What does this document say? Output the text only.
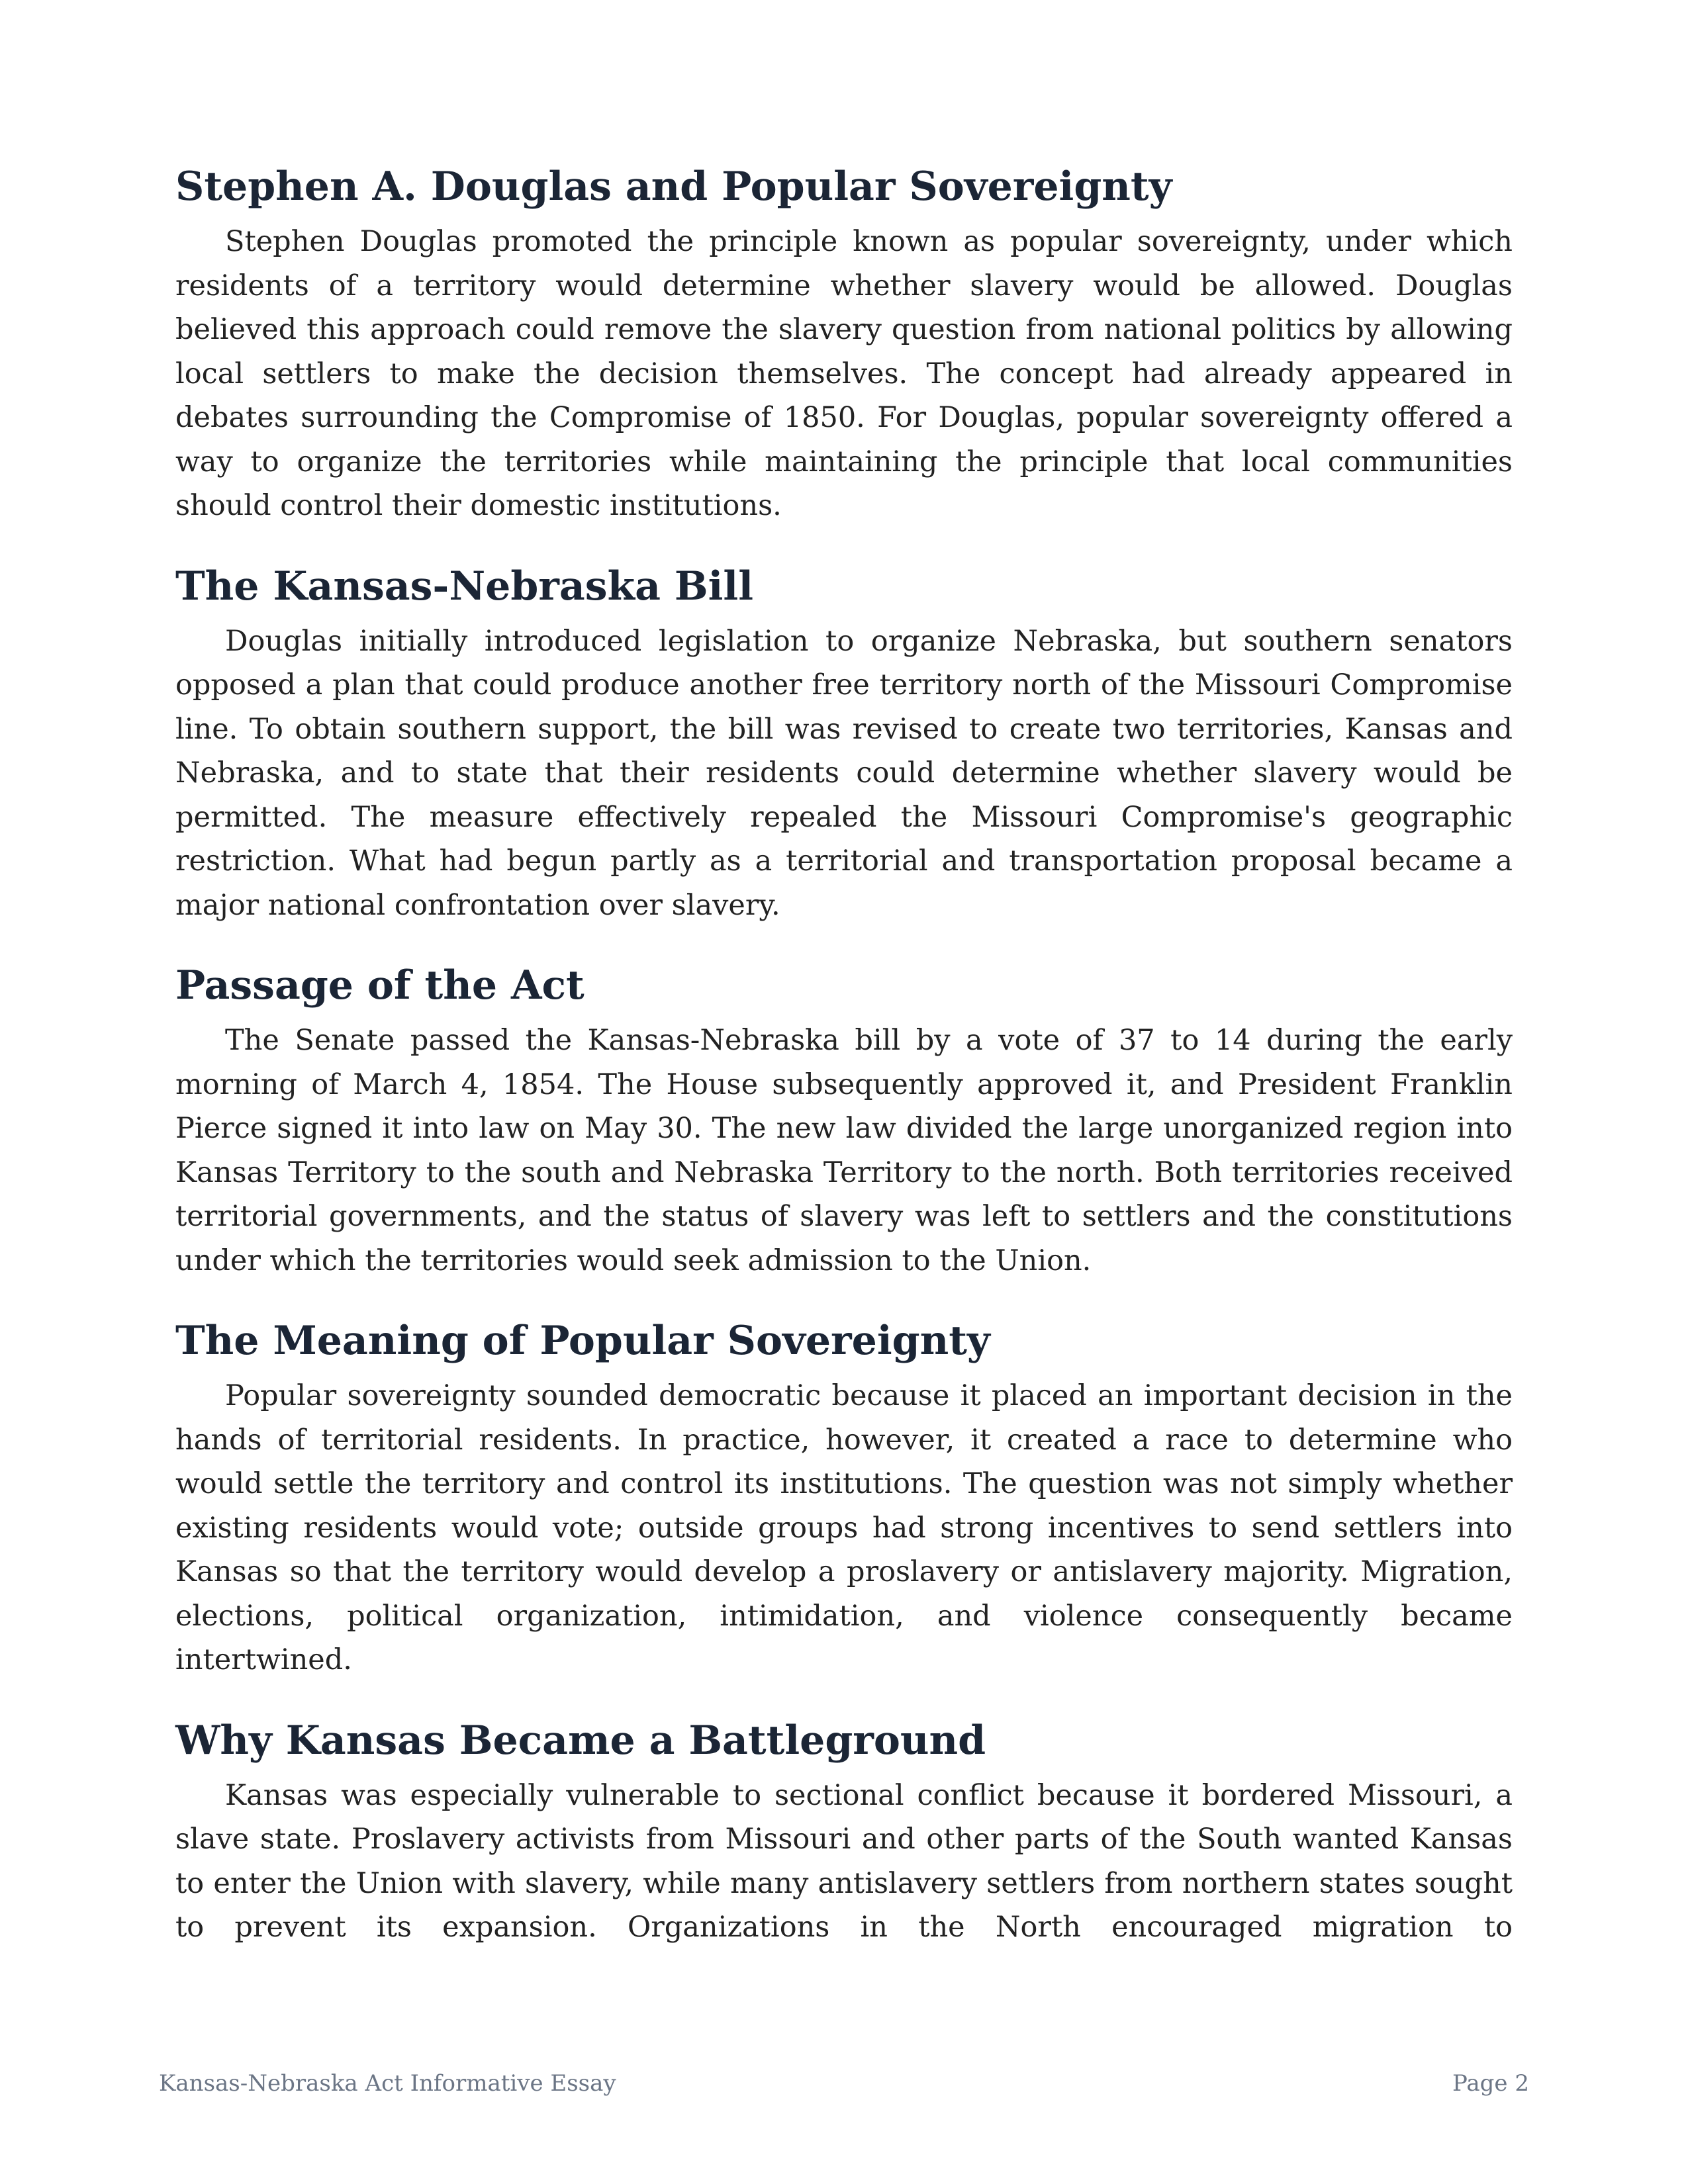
Stephen A. Douglas and Popular Sovereignty

Stephen Douglas promoted the principle known as popular sovereignty, under which residents of a territory would determine whether slavery would be allowed. Douglas believed this approach could remove the slavery question from national politics by allowing local settlers to make the decision themselves. The concept had already appeared in debates surrounding the Compromise of 1850. For Douglas, popular sovereignty offered a way to organize the territories while maintaining the principle that local communities should control their domestic institutions.

The Kansas-Nebraska Bill

Douglas initially introduced legislation to organize Nebraska, but southern senators opposed a plan that could produce another free territory north of the Missouri Compromise line. To obtain southern support, the bill was revised to create two territories, Kansas and Nebraska, and to state that their residents could determine whether slavery would be permitted. The measure effectively repealed the Missouri Compromise's geographic restriction. What had begun partly as a territorial and transportation proposal became a major national confrontation over slavery.

Passage of the Act

The Senate passed the Kansas-Nebraska bill by a vote of 37 to 14 during the early morning of March 4, 1854. The House subsequently approved it, and President Franklin Pierce signed it into law on May 30. The new law divided the large unorganized region into Kansas Territory to the south and Nebraska Territory to the north. Both territories received territorial governments, and the status of slavery was left to settlers and the constitutions under which the territories would seek admission to the Union.

The Meaning of Popular Sovereignty

Popular sovereignty sounded democratic because it placed an important decision in the hands of territorial residents. In practice, however, it created a race to determine who would settle the territory and control its institutions. The question was not simply whether existing residents would vote; outside groups had strong incentives to send settlers into Kansas so that the territory would develop a proslavery or antislavery majority. Migration, elections, political organization, intimidation, and violence consequently became intertwined.

Why Kansas Became a Battleground

Kansas was especially vulnerable to sectional conflict because it bordered Missouri, a slave state. Proslavery activists from Missouri and other parts of the South wanted Kansas to enter the Union with slavery, while many antislavery settlers from northern states sought to prevent its expansion. Organizations in the North encouraged migration to

Kansas-Nebraska Act Informative Essay	Page 2
